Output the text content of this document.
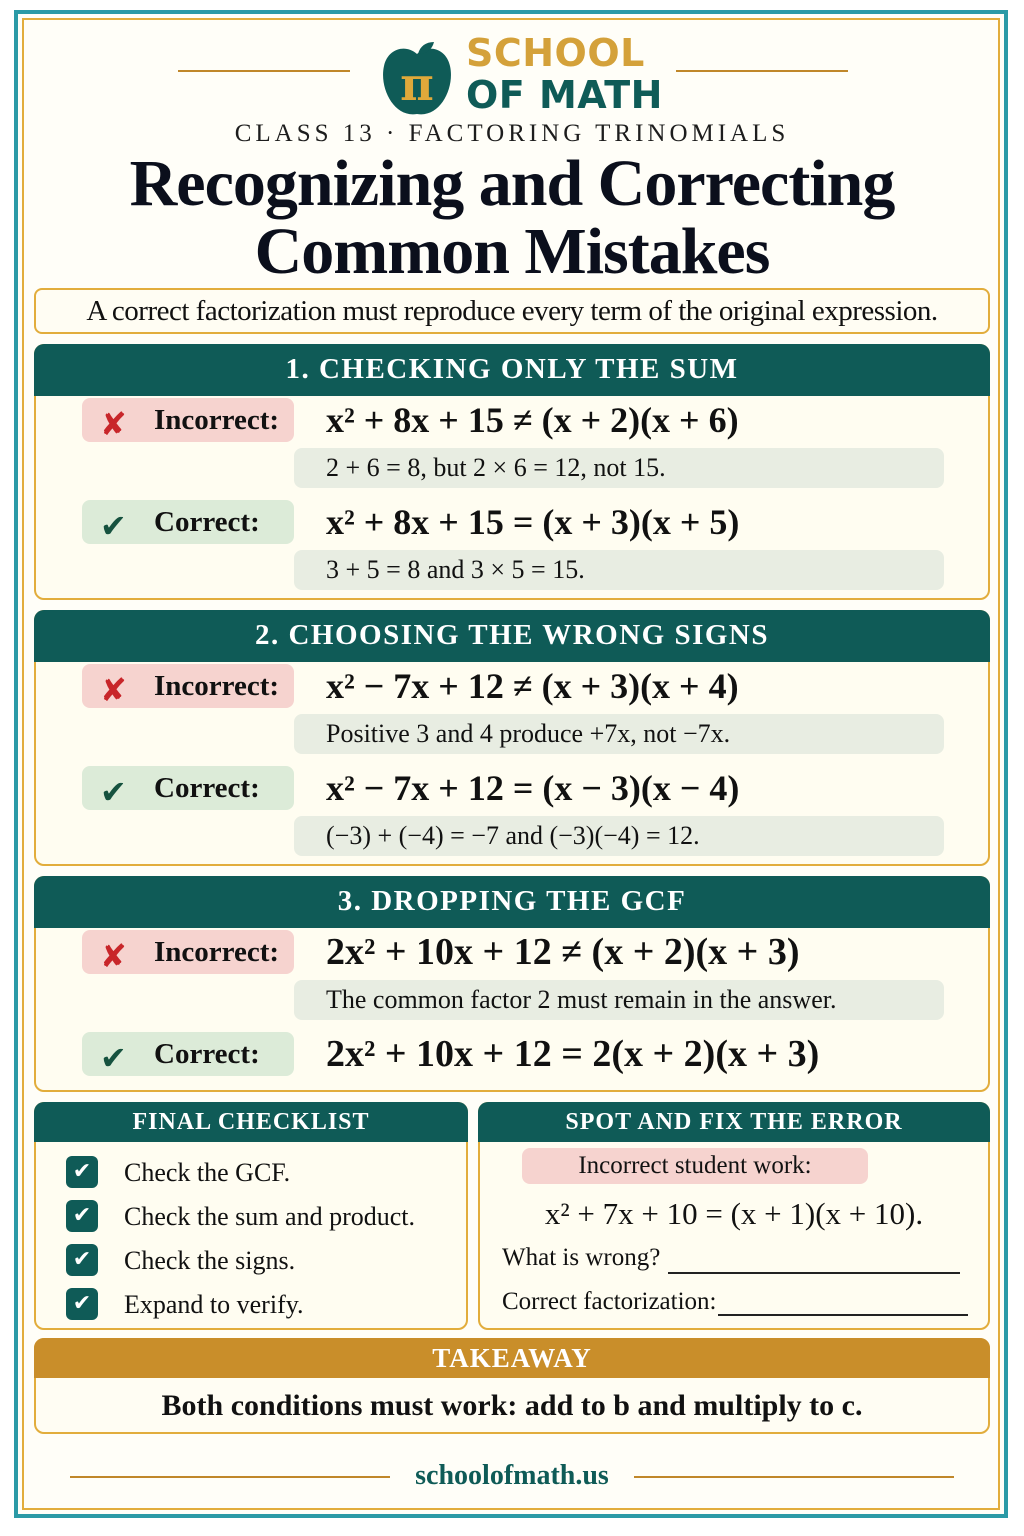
π
SCHOOL
OF MATH
CLASS 13 · FACTORING TRINOMIALS
Recognizing and Correcting
Common Mistakes
A correct factorization must reproduce every term of the original expression.
1. CHECKING ONLY THE SUM
✘ Incorrect: x² + 8x + 15 ≠ (x + 2)(x + 6)
2 + 6 = 8, but 2 × 6 = 12, not 15.
✔ Correct: x² + 8x + 15 = (x + 3)(x + 5)
3 + 5 = 8 and 3 × 5 = 15.
2. CHOOSING THE WRONG SIGNS
✘ Incorrect: x² − 7x + 12 ≠ (x + 3)(x + 4)
Positive 3 and 4 produce +7x, not −7x.
✔ Correct: x² − 7x + 12 = (x − 3)(x − 4)
(−3) + (−4) = −7 and (−3)(−4) = 12.
3. DROPPING THE GCF
✘ Incorrect: 2x² + 10x + 12 ≠ (x + 2)(x + 3)
The common factor 2 must remain in the answer.
✔ Correct: 2x² + 10x + 12 = 2(x + 2)(x + 3)
FINAL CHECKLIST
✔ Check the GCF.
✔ Check the sum and product.
✔ Check the signs.
✔ Expand to verify.
SPOT AND FIX THE ERROR
Incorrect student work:
x² + 7x + 10 = (x + 1)(x + 10).
What is wrong?
Correct factorization:
TAKEAWAY
Both conditions must work: add to b and multiply to c.
schoolofmath.us
